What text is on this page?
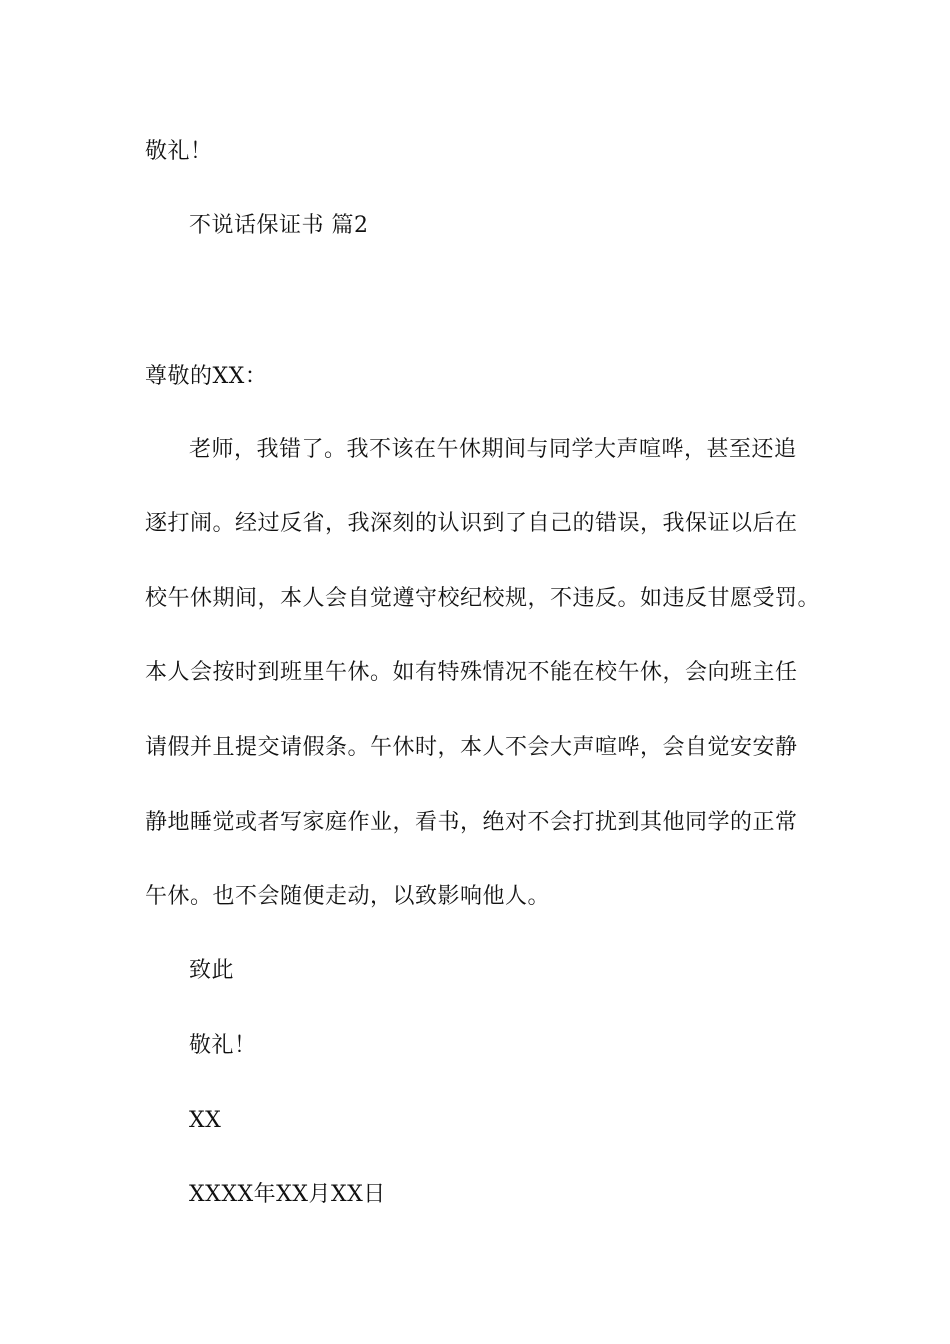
敬礼！
不说话保证书 篇2
尊敬的XX：
老师，我错了。我不该在午休期间与同学大声喧哗，甚至还追
逐打闹。经过反省，我深刻的认识到了自己的错误，我保证以后在
校午休期间，本人会自觉遵守校纪校规，不违反。如违反甘愿受罚。
本人会按时到班里午休。如有特殊情况不能在校午休，会向班主任
请假并且提交请假条。午休时，本人不会大声喧哗，会自觉安安静
静地睡觉或者写家庭作业，看书，绝对不会打扰到其他同学的正常
午休。也不会随便走动，以致影响他人。
致此
敬礼！
XX
XXXX年XX月XX日
